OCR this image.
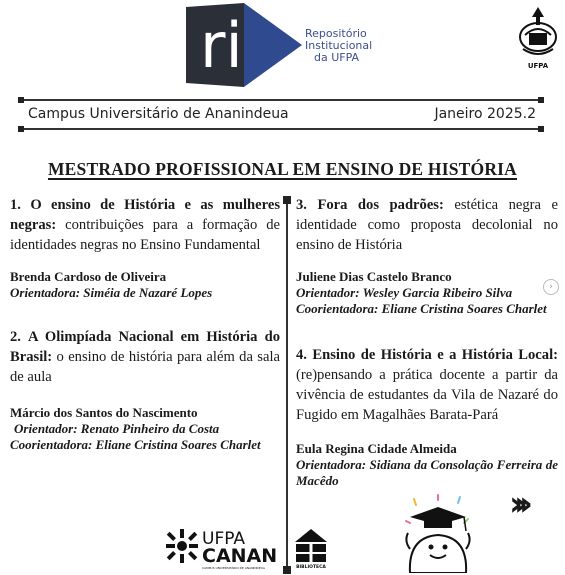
ri	Repositório
Institucional
da UFPA
UFPA
Campus Universitário de Ananindeua	Janeiro 2025.2
MESTRADO PROFISSIONAL EM ENSINO DE HISTÓRIA
1. O ensino de História e as mulheres negras: contribuições para a formação de identidades negras no Ensino Fundamental
Brenda Cardoso de Oliveira
Orientadora: Siméia de Nazaré Lopes
2. A Olimpíada Nacional em História do Brasil: o ensino de história para além da sala de aula
Márcio dos Santos do Nascimento
Orientador: Renato Pinheiro da Costa
Coorientadora: Eliane Cristina Soares Charlet
3. Fora dos padrões: estética negra e identidade como proposta decolonial no ensino de História
Juliene Dias Castelo Branco
Orientador: Wesley Garcia Ribeiro Silva
Coorientadora: Eliane Cristina Soares Charlet
4. Ensino de História e a História Local: (re)pensando a prática docente a partir da vivência de estudantes da Vila de Nazaré do Fugido em Magalhães Barata-Pará
Eula Regina Cidade Almeida
Orientadora: Sidiana da Consolação Ferreira de Macêdo
›
UFPA
CANAN
CAMPUS UNIVERSITÁRIO DE ANANINDEUA	BIBLIOTECA
›››
